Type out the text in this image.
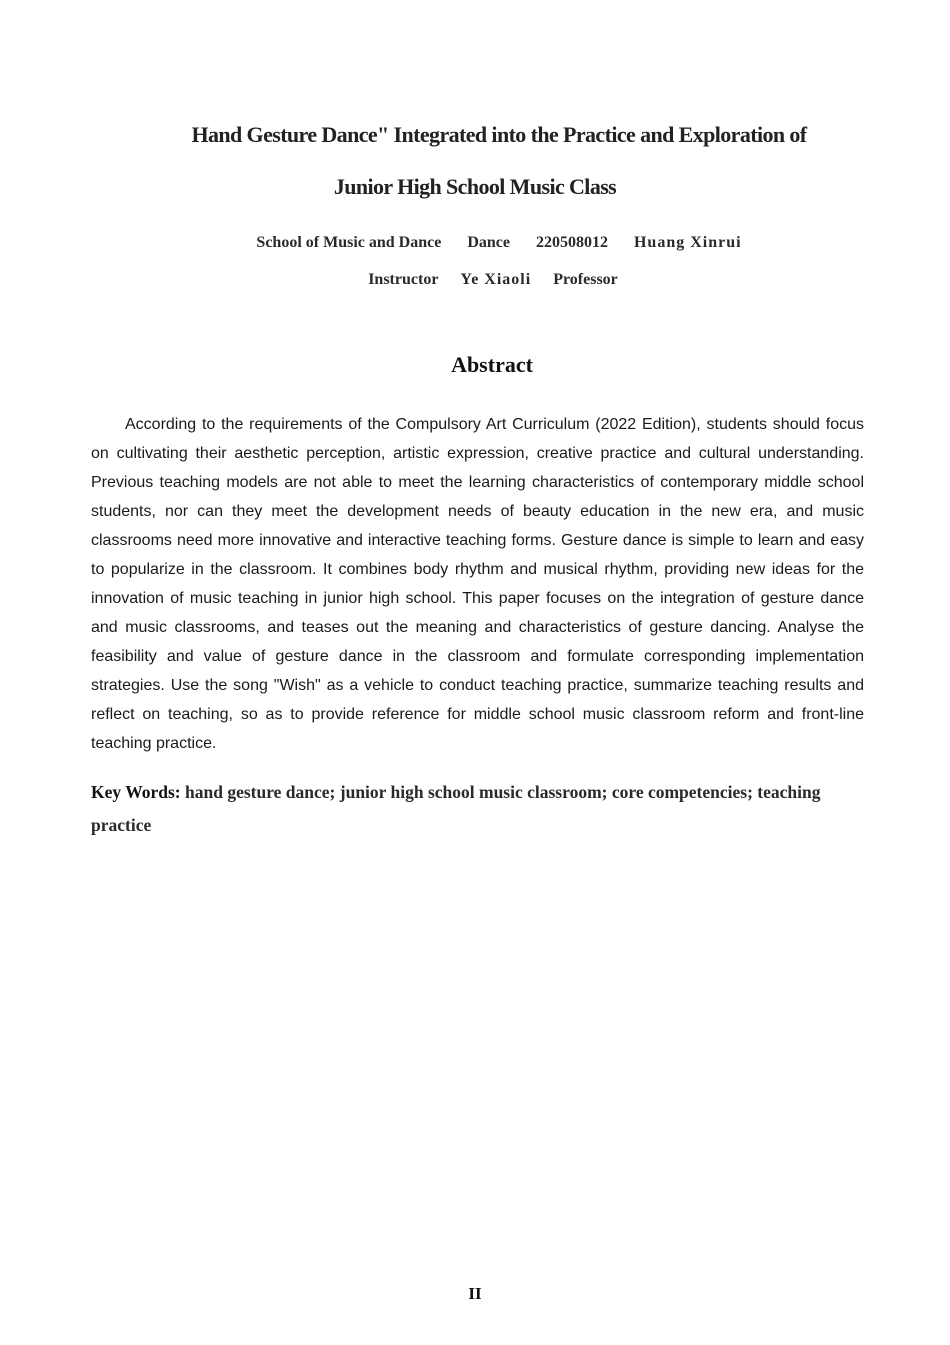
Hand Gesture Dance" Integrated into the Practice and Exploration of
Junior High School Music Class
School of Music and Dance Dance 220508012 Huang Xinrui
Instructor Ye Xiaoli Professor
Abstract

According to the requirements of the Compulsory Art Curriculum (2022 Edition), students should focus on cultivating their aesthetic perception, artistic expression, creative practice and cultural understanding. Previous teaching models are not able to meet the learning characteristics of contemporary middle school students, nor can they meet the development needs of beauty education in the new era, and music classrooms need more innovative and interactive teaching forms. Gesture dance is simple to learn and easy to popularize in the classroom. It combines body rhythm and musical rhythm, providing new ideas for the innovation of music teaching in junior high school. This paper focuses on the integration of gesture dance and music classrooms, and teases out the meaning and characteristics of gesture dancing. Analyse the feasibility and value of gesture dance in the classroom and formulate corresponding implementation strategies. Use the song "Wish" as a vehicle to conduct teaching practice, summarize teaching results and reflect on teaching, so as to provide reference for middle school music classroom reform and front-line teaching practice.

Key Words: hand gesture dance; junior high school music classroom; core competencies; teaching practice

II
